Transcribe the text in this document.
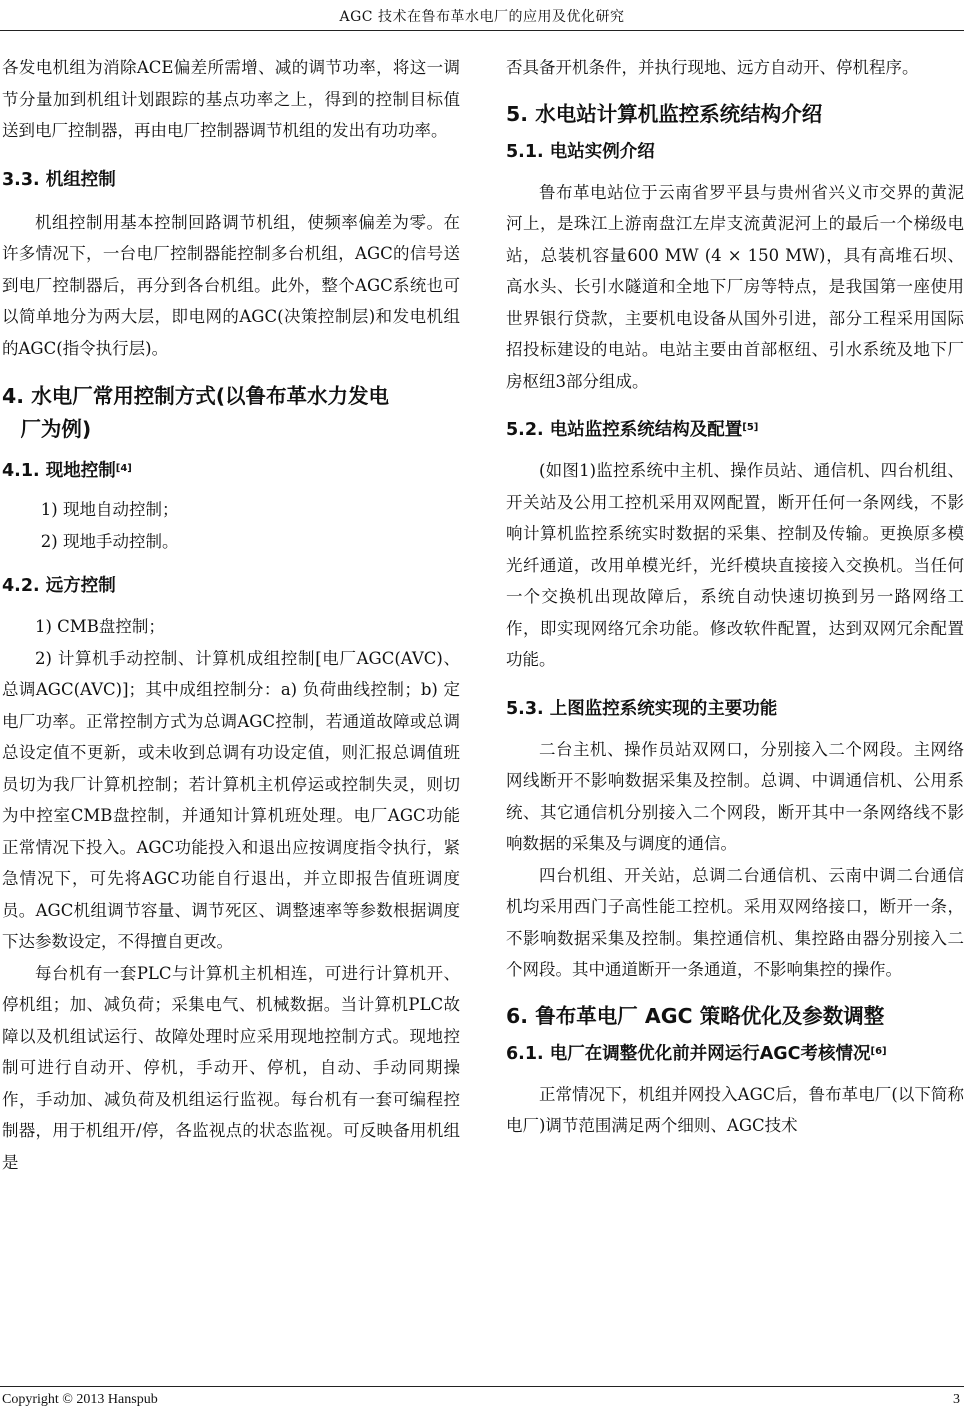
AGC 技术在鲁布革水电厂的应用及优化研究

各发电机组为消除ACE偏差所需增、减的调节功率，将这一调节分量加到机组计划跟踪的基点功率之上，得到的控制目标值送到电厂控制器，再由电厂控制器调节机组的发出有功功率。

3.3. 机组控制

机组控制用基本控制回路调节机组，使频率偏差为零。在许多情况下，一台电厂控制器能控制多台机组，AGC的信号送到电厂控制器后，再分到各台机组。此外，整个AGC系统也可以简单地分为两大层，即电网的AGC(决策控制层)和发电机组的AGC(指令执行层)。

4. 水电厂常用控制方式(以鲁布革水力发电
厂为例)
4.1. 现地控制[4]

1) 现地自动控制；

2) 现地手动控制。

4.2. 远方控制

1) CMB盘控制；

2) 计算机手动控制、计算机成组控制[电厂AGC(AVC)、总调AGC(AVC)]；其中成组控制分：a) 负荷曲线控制；b) 定电厂功率。正常控制方式为总调AGC控制，若通道故障或总调总设定值不更新，或未收到总调有功设定值，则汇报总调值班员切为我厂计算机控制；若计算机主机停运或控制失灵，则切为中控室CMB盘控制，并通知计算机班处理。电厂AGC功能正常情况下投入。AGC功能投入和退出应按调度指令执行，紧急情况下，可先将AGC功能自行退出，并立即报告值班调度员。AGC机组调节容量、调节死区、调整速率等参数根据调度下达参数设定，不得擅自更改。

每台机有一套PLC与计算机主机相连，可进行计算机开、停机组；加、减负荷；采集电气、机械数据。当计算机PLC故障以及机组试运行、故障处理时应采用现地控制方式。现地控制可进行自动开、停机，手动开、停机，自动、手动同期操作，手动加、减负荷及机组运行监视。每台机有一套可编程控制器，用于机组开/停，各监视点的状态监视。可反映备用机组是

否具备开机条件，并执行现地、远方自动开、停机程序。

5. 水电站计算机监控系统结构介绍
5.1. 电站实例介绍

鲁布革电站位于云南省罗平县与贵州省兴义市交界的黄泥河上，是珠江上游南盘江左岸支流黄泥河上的最后一个梯级电站，总装机容量600 MW (4 × 150 MW)，具有高堆石坝、高水头、长引水隧道和全地下厂房等特点，是我国第一座使用世界银行贷款，主要机电设备从国外引进，部分工程采用国际招投标建设的电站。电站主要由首部枢纽、引水系统及地下厂房枢纽3部分组成。

5.2. 电站监控系统结构及配置[5]

(如图1)监控系统中主机、操作员站、通信机、四台机组、开关站及公用工控机采用双网配置，断开任何一条网线，不影响计算机监控系统实时数据的采集、控制及传输。更换原多模光纤通道，改用单模光纤，光纤模块直接接入交换机。当任何一个交换机出现故障后，系统自动快速切换到另一路网络工作，即实现网络冗余功能。修改软件配置，达到双网冗余配置功能。

5.3. 上图监控系统实现的主要功能

二台主机、操作员站双网口，分别接入二个网段。主网络网线断开不影响数据采集及控制。总调、中调通信机、公用系统、其它通信机分别接入二个网段，断开其中一条网络线不影响数据的采集及与调度的通信。

四台机组、开关站，总调二台通信机、云南中调二台通信机均采用西门子高性能工控机。采用双网络接口，断开一条，不影响数据采集及控制。集控通信机、集控路由器分别接入二个网段。其中通道断开一条通道，不影响集控的操作。

6. 鲁布革电厂 AGC 策略优化及参数调整
6.1. 电厂在调整优化前并网运行AGC考核情况[6]

正常情况下，机组并网投入AGC后，鲁布革电厂(以下简称电厂)调节范围满足两个细则、AGC技术

Copyright © 2013 Hanspub	3
